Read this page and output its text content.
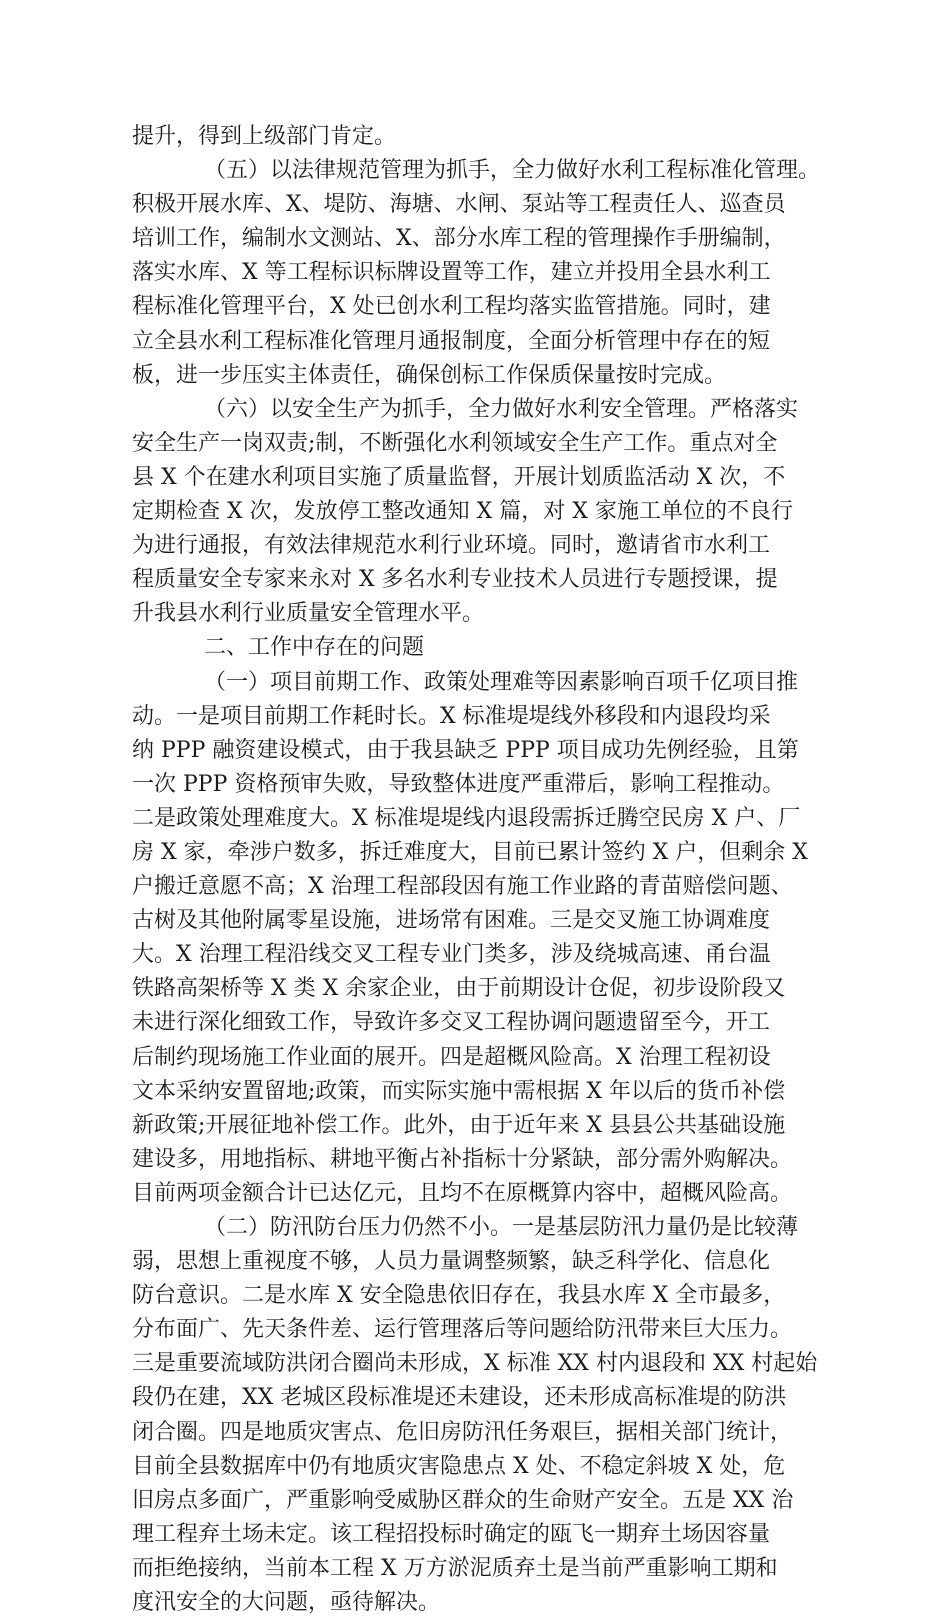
提升，得到上级部门肯定。
（五）以法律规范管理为抓手，全力做好水利工程标准化管理。
积极开展水库、X、堤防、海塘、水闸、泵站等工程责任人、巡查员
培训工作，编制水文测站、X、部分水库工程的管理操作手册编制，
落实水库、X 等工程标识标牌设置等工作，建立并投用全县水利工
程标准化管理平台，X 处已创水利工程均落实监管措施。同时，建
立全县水利工程标准化管理月通报制度，全面分析管理中存在的短
板，进一步压实主体责任，确保创标工作保质保量按时完成。
（六）以安全生产为抓手，全力做好水利安全管理。严格落实
安全生产一岗双责;制，不断强化水利领域安全生产工作。重点对全
县 X 个在建水利项目实施了质量监督，开展计划质监活动 X 次，不
定期检查 X 次，发放停工整改通知 X 篇，对 X 家施工单位的不良行
为进行通报，有效法律规范水利行业环境。同时，邀请省市水利工
程质量安全专家来永对 X 多名水利专业技术人员进行专题授课，提
升我县水利行业质量安全管理水平。
二、工作中存在的问题
（一）项目前期工作、政策处理难等因素影响百项千亿项目推
动。一是项目前期工作耗时长。X 标准堤堤线外移段和内退段均采
纳 PPP 融资建设模式，由于我县缺乏 PPP 项目成功先例经验，且第
一次 PPP 资格预审失败，导致整体进度严重滞后，影响工程推动。
二是政策处理难度大。X 标准堤堤线内退段需拆迁腾空民房 X 户、厂
房 X 家，牵涉户数多，拆迁难度大，目前已累计签约 X 户，但剩余 X
户搬迁意愿不高；X 治理工程部段因有施工作业路的青苗赔偿问题、
古树及其他附属零星设施，进场常有困难。三是交叉施工协调难度
大。X 治理工程沿线交叉工程专业门类多，涉及绕城高速、甬台温
铁路高架桥等 X 类 X 余家企业，由于前期设计仓促，初步设阶段又
未进行深化细致工作，导致许多交叉工程协调问题遗留至今，开工
后制约现场施工作业面的展开。四是超概风险高。X 治理工程初设
文本采纳安置留地;政策，而实际实施中需根据 X 年以后的货币补偿
新政策;开展征地补偿工作。此外，由于近年来 X 县县公共基础设施
建设多，用地指标、耕地平衡占补指标十分紧缺，部分需外购解决。
目前两项金额合计已达亿元，且均不在原概算内容中，超概风险高。
（二）防汛防台压力仍然不小。一是基层防汛力量仍是比较薄
弱，思想上重视度不够，人员力量调整频繁，缺乏科学化、信息化
防台意识。二是水库 X 安全隐患依旧存在，我县水库 X 全市最多，
分布面广、先天条件差、运行管理落后等问题给防汛带来巨大压力。
三是重要流域防洪闭合圈尚未形成，X 标准 XX 村内退段和 XX 村起始
段仍在建，XX 老城区段标准堤还未建设，还未形成高标准堤的防洪
闭合圈。四是地质灾害点、危旧房防汛任务艰巨，据相关部门统计，
目前全县数据库中仍有地质灾害隐患点 X 处、不稳定斜坡 X 处，危
旧房点多面广，严重影响受威胁区群众的生命财产安全。五是 XX 治
理工程弃土场未定。该工程招投标时确定的瓯飞一期弃土场因容量
而拒绝接纳，当前本工程 X 万方淤泥质弃土是当前严重影响工期和
度汛安全的大问题，亟待解决。
